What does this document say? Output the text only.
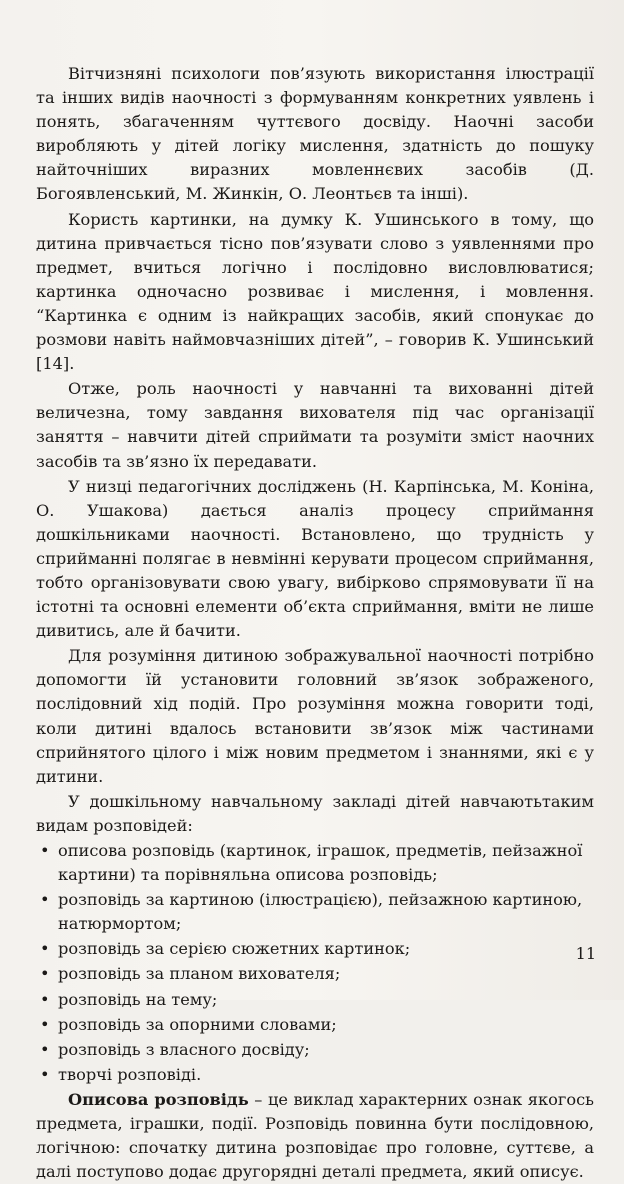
Вітчизняні психологи пов’язують використання ілюстрації та інших видів наочності з формуванням конкретних уявлень і понять, збагаченням чуттєвого досвіду. Наочні засоби виробляють у дітей логіку мислення, здатність до пошуку найточніших виразних мовленнєвих засобів (Д. Богоявленський, М. Жинкін, О. Леонтьєв та інші).

Користь картинки, на думку К. Ушинського в тому, що дитина привчається тісно пов’язувати слово з уявленнями про предмет, вчиться логічно і послідовно висловлюватися; картинка одночасно розвиває і мислення, і мовлення. “Картинка є одним із найкращих засобів, який спонукає до розмови навіть наймовчазніших дітей”, – говорив К. Ушинський [14].

Отже, роль наочності у навчанні та вихованні дітей величезна, тому завдання вихователя під час організації заняття – навчити дітей сприймати та розуміти зміст наочних засобів та зв’язно їх передавати.

У низці педагогічних досліджень (Н. Карпінська, М. Коніна, О. Ушакова) дається аналіз процесу сприймання дошкільниками наочності. Встановлено, що трудність у сприйманні полягає в невмінні керувати процесом сприймання, тобто організовувати свою увагу, вибірково спрямовувати її на істотні та основні елементи об’єкта сприймання, вміти не лише дивитись, але й бачити.

Для розуміння дитиною зображувальної наочності потрібно допомогти їй установити головний зв’язок зображеного, послідовний хід подій. Про розуміння можна говорити тоді, коли дитині вдалось встановити зв’язок між частинами сприйнятого цілого і між новим предметом і знаннями, які є у дитини.

У дошкільному навчальному закладі дітей навчаютьтаким видам розповідей:

• описова розповідь (картинок, іграшок, предметів, пейзажної картини) та порівняльна описова розповідь;
• розповідь за картиною (ілюстрацією), пейзажною картиною, натюрмортом;
• розповідь за серією сюжетних картинок;
• розповідь за планом вихователя;
• розповідь на тему;
• розповідь за опорними словами;
• розповідь з власного досвіду;
• творчі розповіді.

Описова розповідь – це виклад характерних ознак якогось предмета, іграшки, події. Розповідь повинна бути послідовною, логічною: спочатку дитина розповідає про головне, суттєве, а далі поступово додає другорядні деталі предмета, який описує.

11
